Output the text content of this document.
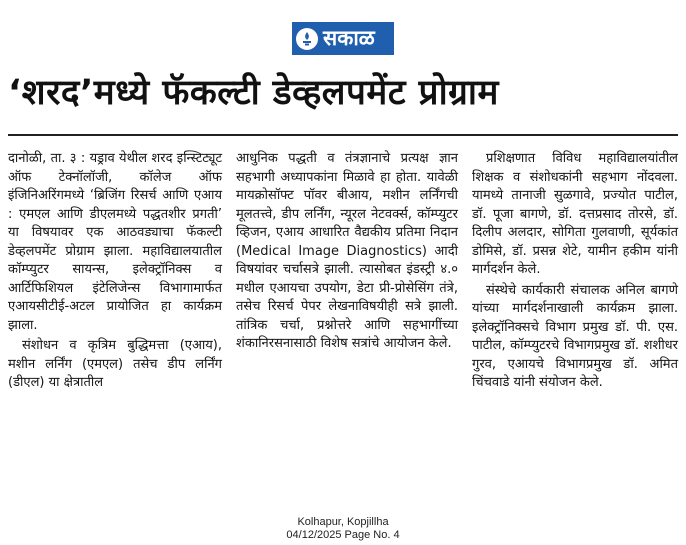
सकाळ
‘शरद’मध्ये फॅकल्टी डेव्हलपमेंट प्रोग्राम

दानोळी, ता. ३ : यड्राव येथील शरद इन्स्टिट्यूट ऑफ टेक्नॉलॉजी, कॉलेज ऑफ इंजिनिअरिंगमध्ये ‘ब्रिजिंग रिसर्च आणि एआय : एमएल आणि डीएलमध्ये पद्धतशीर प्रगती’ या विषयावर एक आठवड्याचा फॅकल्टी डेव्हलपमेंट प्रोग्राम झाला. महाविद्यालयातील कॉम्प्युटर सायन्स, इलेक्ट्रॉनिक्स व आर्टिफिशियल इंटेलिजेन्स विभागामार्फत एआयसीटीई-अटल प्रायोजित हा कार्यक्रम झाला.

संशोधन व कृत्रिम बुद्धिमत्ता (एआय), मशीन लर्निंग (एमएल) तसेच डीप लर्निंग (डीएल) या क्षेत्रातील

आधुनिक पद्धती व तंत्रज्ञानाचे प्रत्यक्ष ज्ञान सहभागी अध्यापकांना मिळावे हा होता. यावेळी मायक्रोसॉफ्ट पॉवर बीआय, मशीन लर्निंगची मूलतत्त्वे, डीप लर्निंग, न्यूरल नेटवर्क्स, कॉम्प्युटर व्हिजन, एआय आधारित वैद्यकीय प्रतिमा निदान (Medical Image Diagnostics) आदी विषयांवर चर्चासत्रे झाली. त्यासोबत इंडस्ट्री ४.० मधील एआयचा उपयोग, डेटा प्री-प्रोसेसिंग तंत्रे, तसेच रिसर्च पेपर लेखनाविषयीही सत्रे झाली. तांत्रिक चर्चा, प्रश्नोत्तरे आणि सहभागींच्या शंकानिरसनासाठी विशेष सत्रांचे आयोजन केले.

प्रशिक्षणात विविध महाविद्यालयांतील शिक्षक व संशोधकांनी सहभाग नोंदवला. यामध्ये तानाजी सुळगावे, प्रज्योत पाटील, डॉ. पूजा बागणे, डॉ. दत्तप्रसाद तोरसे, डॉ. दिलीप अलदार, सोगिता गुलवाणी, सूर्यकांत डोमिसे, डॉ. प्रसन्न शेटे, यामीन हकीम यांनी मार्गदर्शन केले.

संस्थेचे कार्यकारी संचालक अनिल बागणे यांच्या मार्गदर्शनाखाली कार्यक्रम झाला. इलेक्ट्रॉनिक्सचे विभाग प्रमुख डॉ. पी. एस. पाटील, कॉम्प्युटरचे विभागप्रमुख डॉ. शशीधर गुरव, एआयचे विभागप्रमुख डॉ. अमित चिंचवाडे यांनी संयोजन केले.

Kolhapur, Kopjillha
04/12/2025 Page No. 4
